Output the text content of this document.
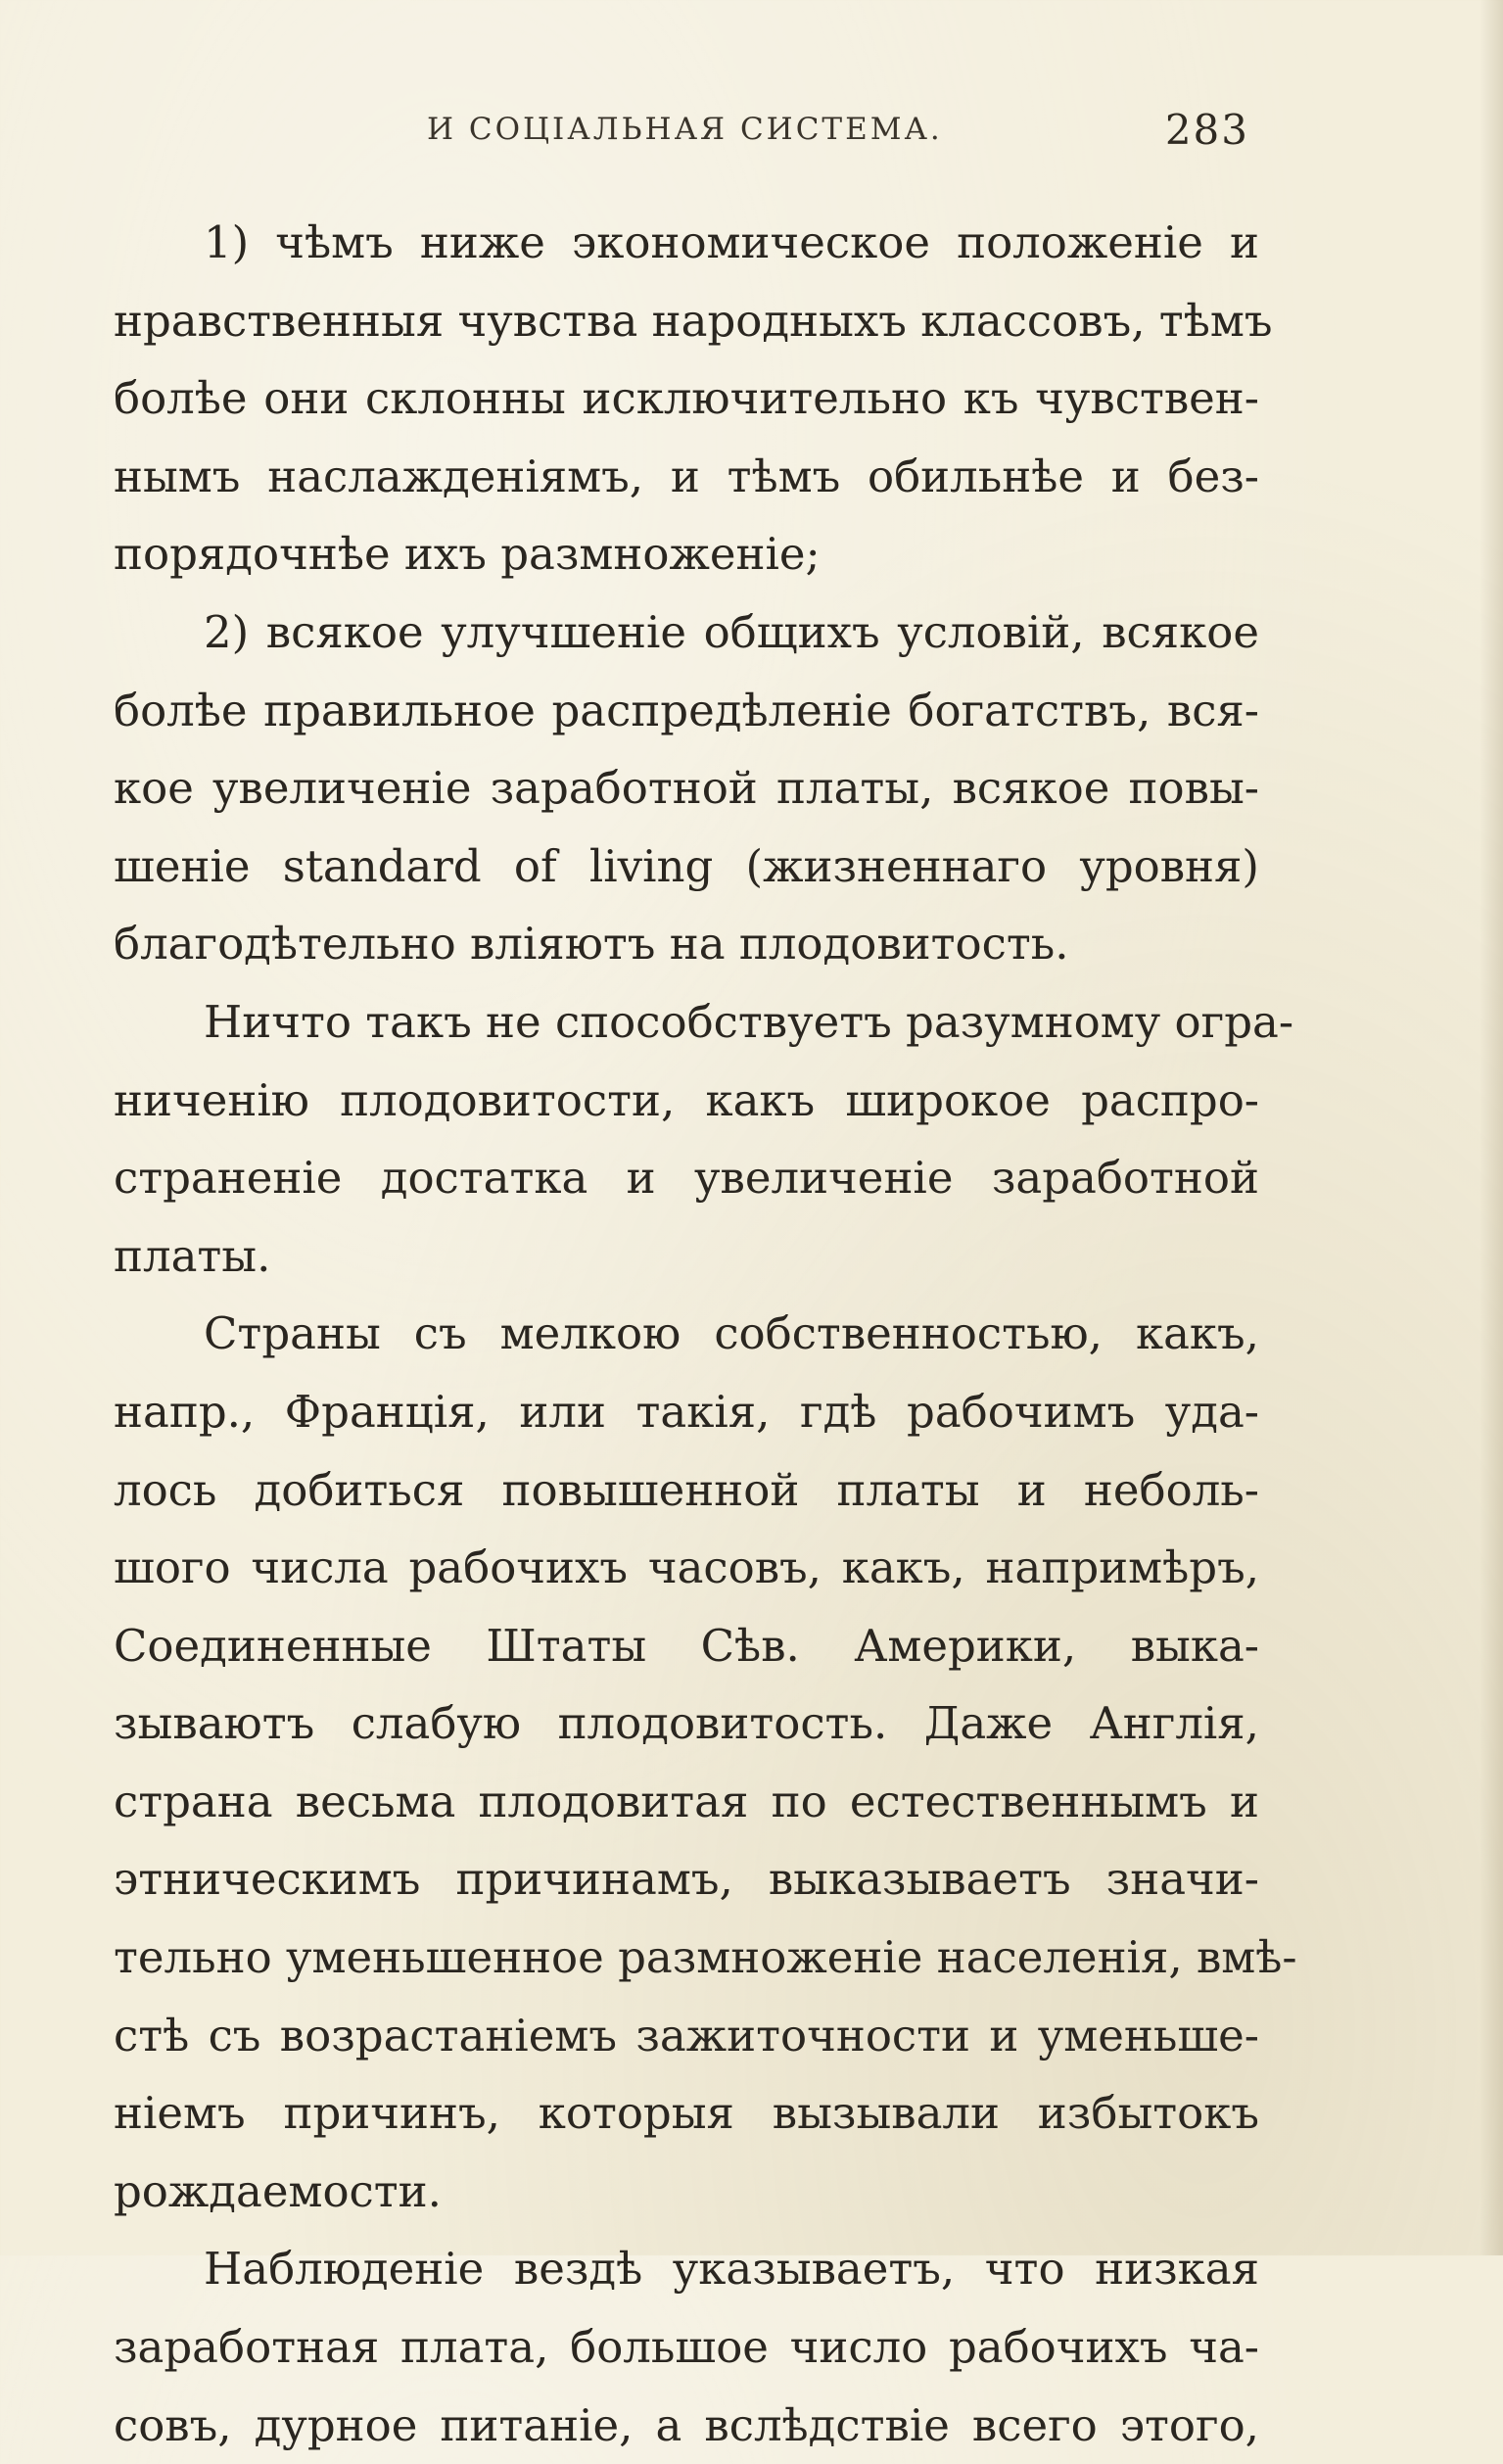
И СОЦІАЛЬНАЯ СИСТЕМА.	283
1) чѣмъ ниже экономическое положеніе и
нравственныя чувства народныхъ классовъ, тѣмъ
болѣе они склонны исключительно къ чувствен-
нымъ наслажденіямъ, и тѣмъ обильнѣе и без-
порядочнѣе ихъ размноженіе;
2) всякое улучшеніе общихъ условій, всякое
болѣе правильное распредѣленіе богатствъ, вся-
кое увеличеніе заработной платы, всякое повы-
шеніе standard of living (жизненнаго уровня)
благодѣтельно вліяютъ на плодовитость.
Ничто такъ не способствуетъ разумному огра-
ниченію плодовитости, какъ широкое распро-
страненіе достатка и увеличеніе заработной
платы.
Страны съ мелкою собственностью, какъ,
напр., Францiя, или такія, гдѣ рабочимъ уда-
лось добиться повышенной платы и неболь-
шого числа рабочихъ часовъ, какъ, напримѣръ,
Соединенные Штаты Сѣв. Америки, выка-
зываютъ слабую плодовитость. Даже Англія,
страна весьма плодовитая по естественнымъ и
этническимъ причинамъ, выказываетъ значи-
тельно уменьшенное размноженіе населенія, вмѣ-
стѣ съ возрастаніемъ зажиточности и уменьше-
ніемъ причинъ, которыя вызывали избытокъ
рождаемости.
Наблюденіе вездѣ указываетъ, что низкая
заработная плата, большое число рабочихъ ча-
совъ, дурное питаніе, а вслѣдствіе всего этого,
